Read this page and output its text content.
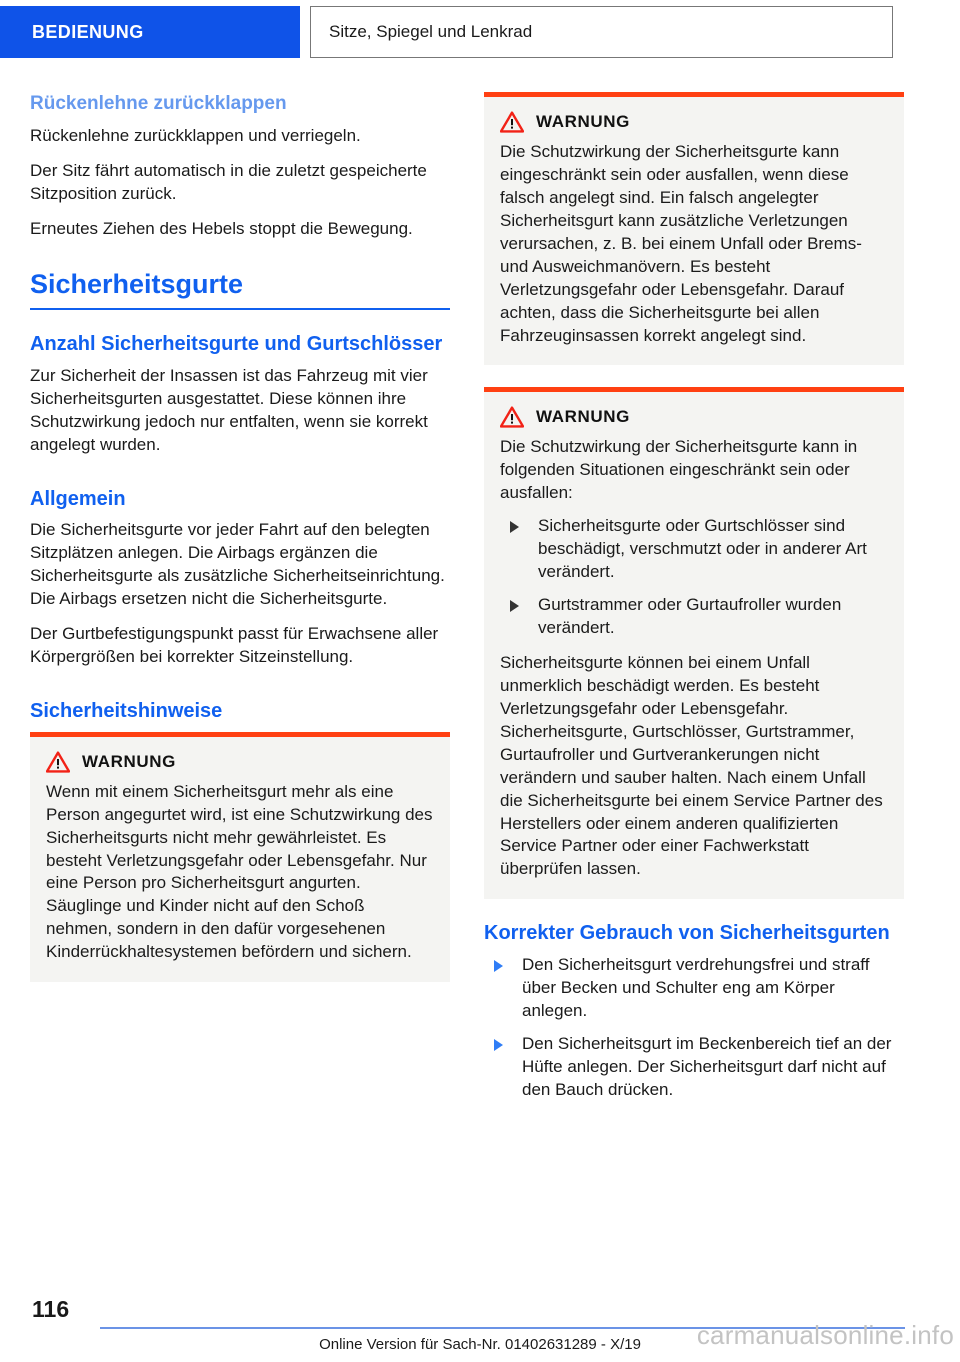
BEDIENUNG	Sitze, Spiegel und Lenkrad
Rückenlehne zurückklappen

Rückenlehne zurückklappen und verriegeln.

Der Sitz fährt automatisch in die zuletzt gespeicherte Sitzposition zurück.

Erneutes Ziehen des Hebels stoppt die Bewegung.

Sicherheitsgurte
Anzahl Sicherheitsgurte und Gurtschlösser

Zur Sicherheit der Insassen ist das Fahrzeug mit vier Sicherheitsgurten ausgestattet. Diese können ihre Schutzwirkung jedoch nur entfalten, wenn sie korrekt angelegt wurden.

Allgemein

Die Sicherheitsgurte vor jeder Fahrt auf den belegten Sitzplätzen anlegen. Die Airbags ergänzen die Sicherheitsgurte als zusätzliche Sicherheitseinrichtung. Die Airbags ersetzen nicht die Sicherheitsgurte.

Der Gurtbefestigungspunkt passt für Erwachsene aller Körpergrößen bei korrekter Sitzeinstellung.

Sicherheitshinweise
WARNUNG

Wenn mit einem Sicherheitsgurt mehr als eine Person angegurtet wird, ist eine Schutzwirkung des Sicherheitsgurts nicht mehr gewährleistet. Es besteht Verletzungsgefahr oder Lebensgefahr. Nur eine Person pro Sicherheitsgurt angurten. Säuglinge und Kinder nicht auf den Schoß nehmen, sondern in den dafür vorgesehenen Kinderrückhaltesystemen befördern und sichern.

WARNUNG

Die Schutzwirkung der Sicherheitsgurte kann eingeschränkt sein oder ausfallen, wenn diese falsch angelegt sind. Ein falsch angelegter Sicherheitsgurt kann zusätzliche Verletzungen verursachen, z. B. bei einem Unfall oder Brems- und Ausweichmanövern. Es besteht Verletzungsgefahr oder Lebensgefahr. Darauf achten, dass die Sicherheitsgurte bei allen Fahrzeuginsassen korrekt angelegt sind.

WARNUNG

Die Schutzwirkung der Sicherheitsgurte kann in folgenden Situationen eingeschränkt sein oder ausfallen:

Sicherheitsgurte oder Gurtschlösser sind beschädigt, verschmutzt oder in anderer Art verändert.
Gurtstrammer oder Gurtaufroller wurden verändert.

Sicherheitsgurte können bei einem Unfall unmerklich beschädigt werden. Es besteht Verletzungsgefahr oder Lebensgefahr. Sicherheitsgurte, Gurtschlösser, Gurtstrammer, Gurtaufroller und Gurtverankerungen nicht verändern und sauber halten. Nach einem Unfall die Sicherheitsgurte bei einem Service Partner des Herstellers oder einem anderen qualifizierten Service Partner oder einer Fachwerkstatt überprüfen lassen.

Korrekter Gebrauch von Sicherheitsgurten
Den Sicherheitsgurt verdrehungsfrei und straff über Becken und Schulter eng am Körper anlegen.
Den Sicherheitsgurt im Beckenbereich tief an der Hüfte anlegen. Der Sicherheitsgurt darf nicht auf den Bauch drücken.
116
Online Version für Sach-Nr. 01402631289 - X/19	carmanualsonline.info
